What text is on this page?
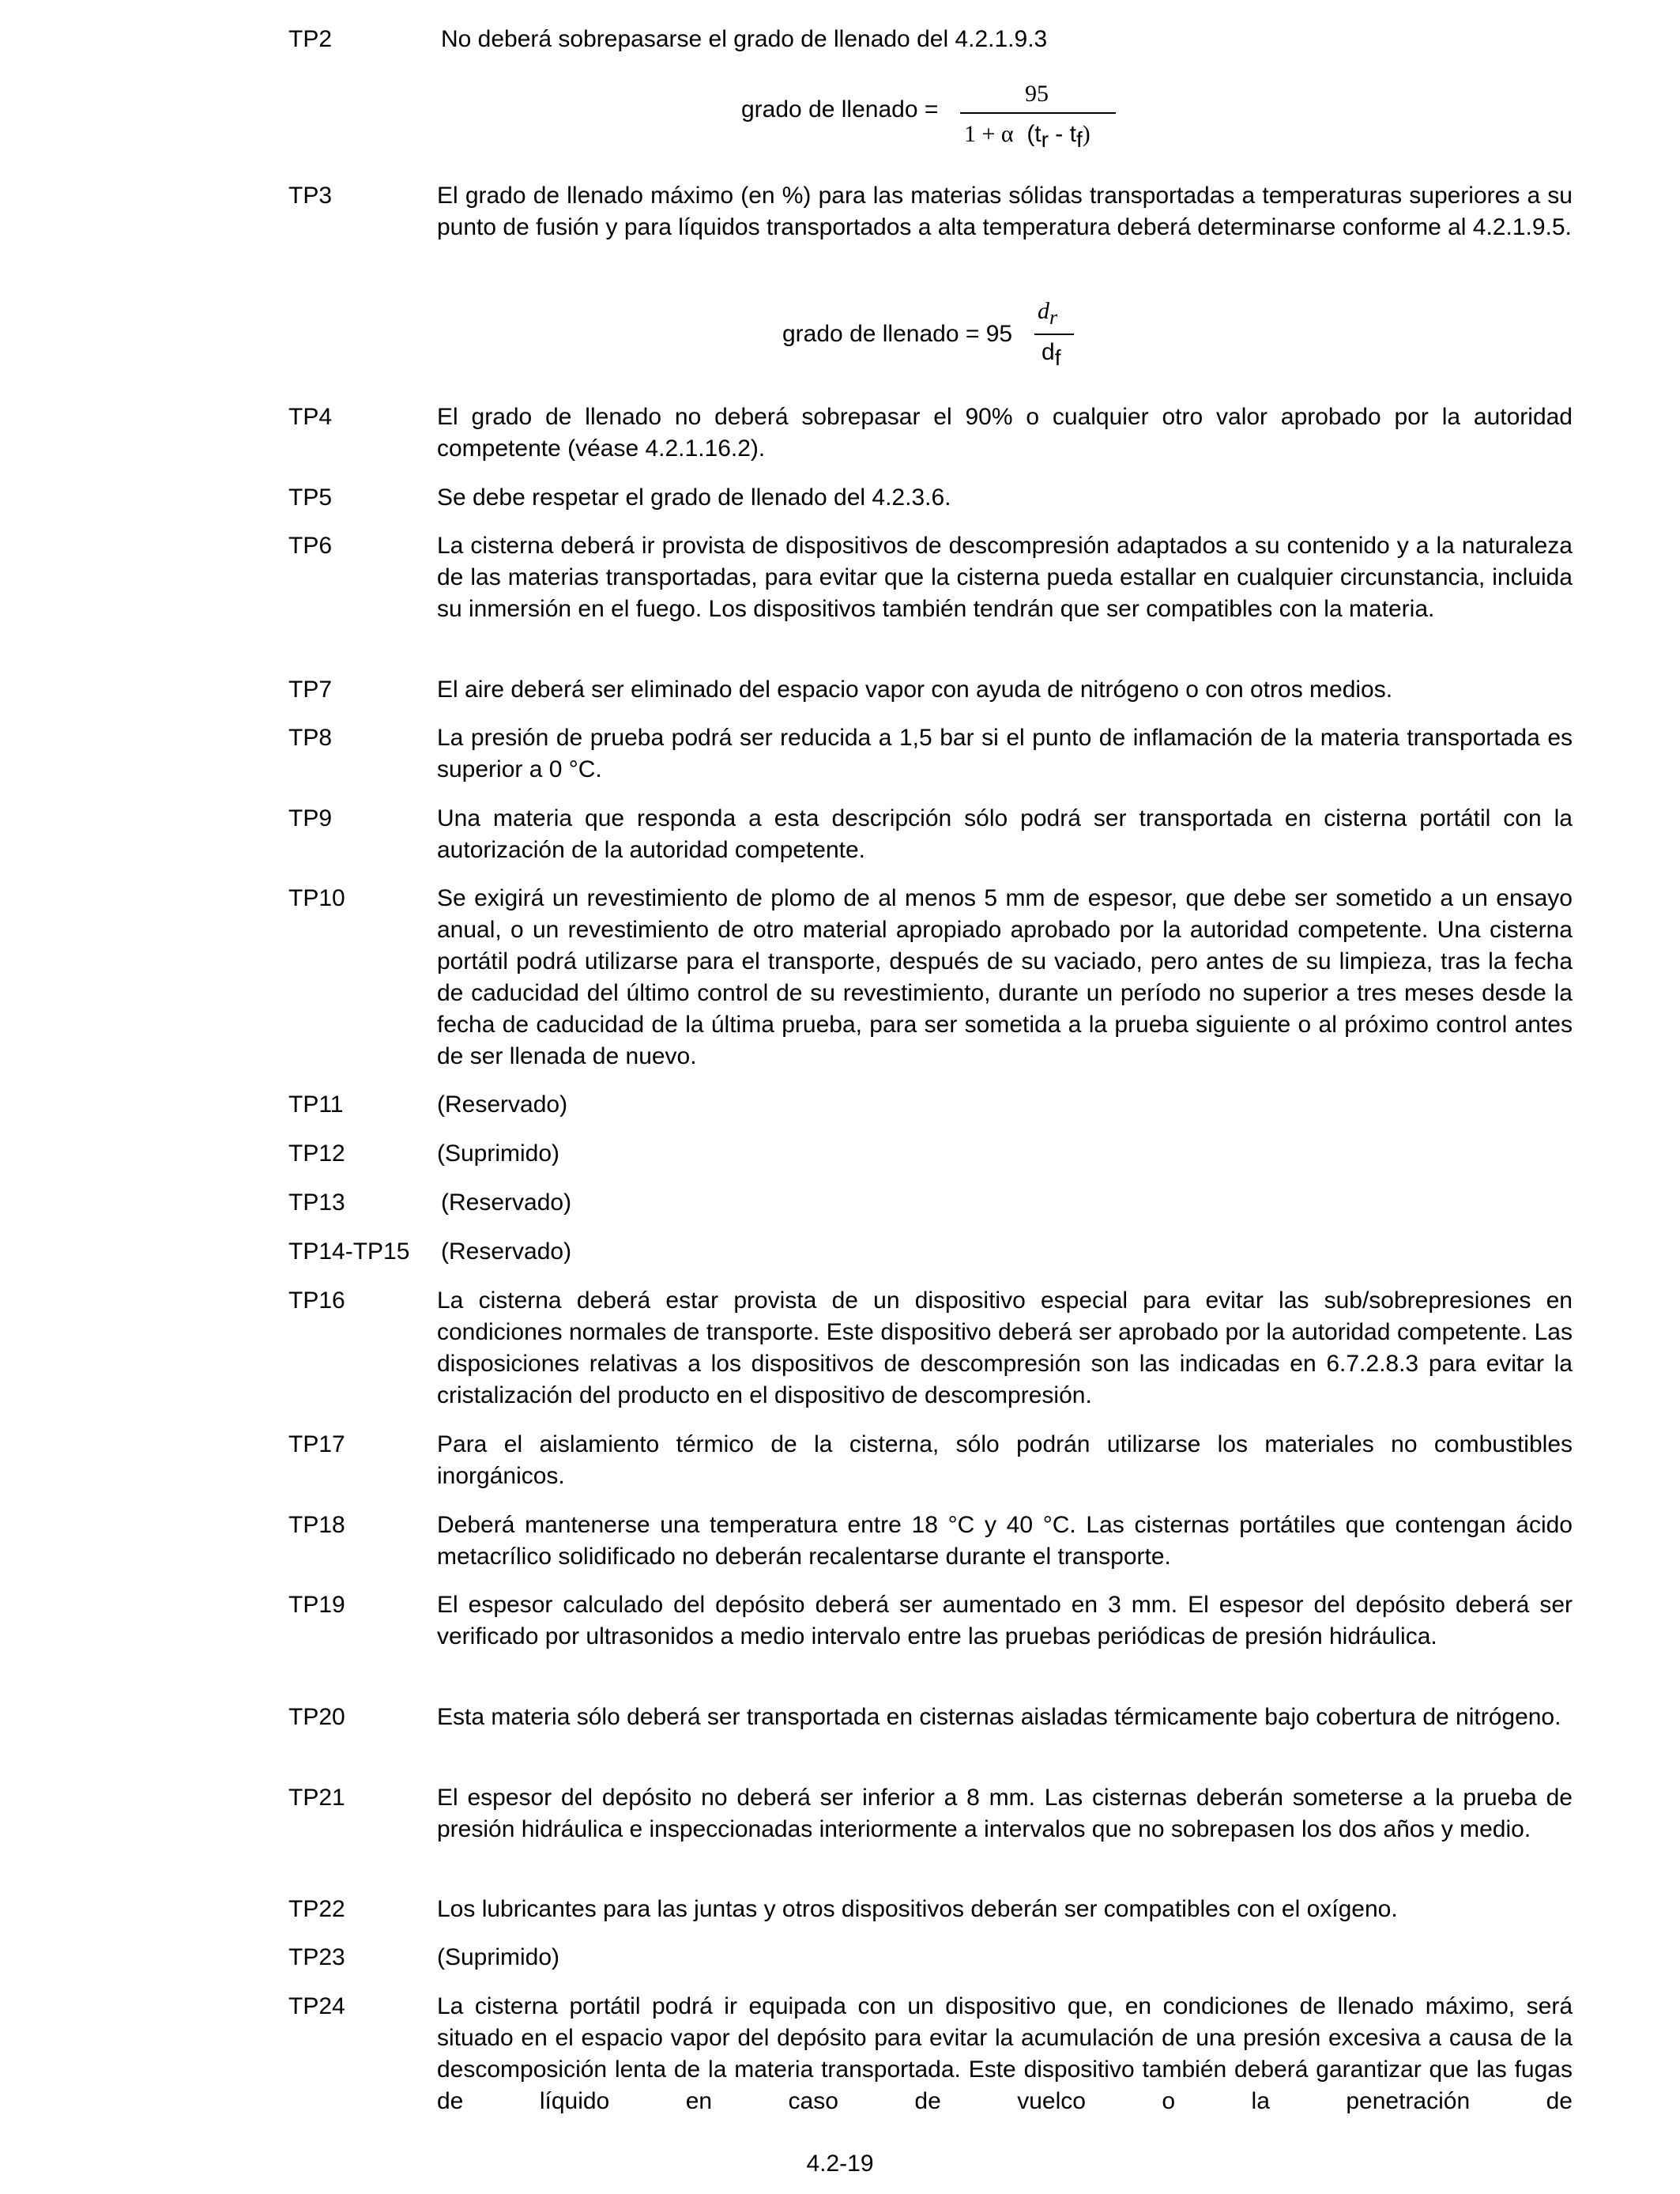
TP2	No deberá sobrepasarse el grado de llenado del 4.2.1.9.3
grado de llenado =
95
1 + α $(t_r - t_f)$
TP3	El grado de llenado máximo (en %) para las materias sólidas transportadas a temperaturas superiores a su punto de fusión y para líquidos transportados a alta temperatura deberá determinarse conforme al 4.2.1.9.5.
grado de llenado = 95
$d_r$
$d_f$
TP4	El grado de llenado no deberá sobrepasar el 90% o cualquier otro valor aprobado por la autoridad competente (véase 4.2.1.16.2).
TP5	Se debe respetar el grado de llenado del 4.2.3.6.
TP6	La cisterna deberá ir provista de dispositivos de descompresión adaptados a su contenido y a la naturaleza de las materias transportadas, para evitar que la cisterna pueda estallar en cualquier circunstancia, incluida su inmersión en el fuego. Los dispositivos también tendrán que ser compatibles con la materia.
TP7	El aire deberá ser eliminado del espacio vapor con ayuda de nitrógeno o con otros medios.
TP8	La presión de prueba podrá ser reducida a 1,5 bar si el punto de inflamación de la materia transportada es superior a 0 °C.
TP9	Una materia que responda a esta descripción sólo podrá ser transportada en cisterna portátil con la autorización de la autoridad competente.
TP10	Se exigirá un revestimiento de plomo de al menos 5 mm de espesor, que debe ser sometido a un ensayo anual, o un revestimiento de otro material apropiado aprobado por la autoridad competente. Una cisterna portátil podrá utilizarse para el transporte, después de su vaciado, pero antes de su limpieza, tras la fecha de caducidad del último control de su revestimiento, durante un período no superior a tres meses desde la fecha de caducidad de la última prueba, para ser sometida a la prueba siguiente o al próximo control antes de ser llenada de nuevo.
TP11	(Reservado)
TP12	(Suprimido)
TP13	(Reservado)
TP14-TP15 (Reservado)
TP16	La cisterna deberá estar provista de un dispositivo especial para evitar las sub/sobrepresiones en condiciones normales de transporte. Este dispositivo deberá ser aprobado por la autoridad competente. Las disposiciones relativas a los dispositivos de descompresión son las indicadas en 6.7.2.8.3 para evitar la cristalización del producto en el dispositivo de descompresión.
TP17	Para el aislamiento térmico de la cisterna, sólo podrán utilizarse los materiales no combustibles inorgánicos.
TP18	Deberá mantenerse una temperatura entre 18 °C y 40 °C. Las cisternas portátiles que contengan ácido metacrílico solidificado no deberán recalentarse durante el transporte.
TP19	El espesor calculado del depósito deberá ser aumentado en 3 mm. El espesor del depósito deberá ser verificado por ultrasonidos a medio intervalo entre las pruebas periódicas de presión hidráulica.
TP20	Esta materia sólo deberá ser transportada en cisternas aisladas térmicamente bajo cobertura de nitrógeno.
TP21	El espesor del depósito no deberá ser inferior a 8 mm. Las cisternas deberán someterse a la prueba de presión hidráulica e inspeccionadas interiormente a intervalos que no sobrepasen los dos años y medio.
TP22	Los lubricantes para las juntas y otros dispositivos deberán ser compatibles con el oxígeno.
TP23	(Suprimido)
TP24	La cisterna portátil podrá ir equipada con un dispositivo que, en condiciones de llenado máximo, será situado en el espacio vapor del depósito para evitar la acumulación de una presión excesiva a causa de la descomposición lenta de la materia transportada. Este dispositivo también deberá garantizar que las fugas de líquido en caso de vuelco o la penetración de
4.2-19
